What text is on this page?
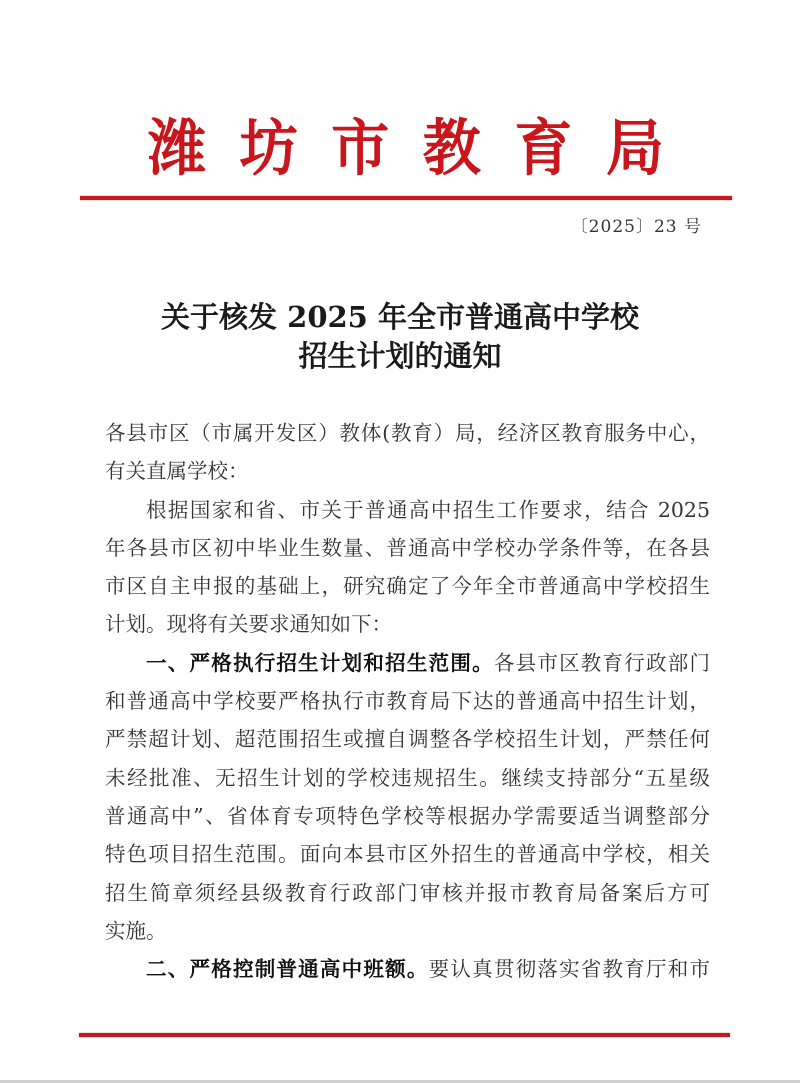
潍 坊 市 教 育 局
〔2025〕23 号
关于核发 2025 年全市普通高中学校
招生计划的通知
各县市区（市属开发区）教体(教育）局，经济区教育服务中心，
有关直属学校：
根据国家和省、市关于普通高中招生工作要求，结合 2025
年各县市区初中毕业生数量、普通高中学校办学条件等，在各县
市区自主申报的基础上，研究确定了今年全市普通高中学校招生
计划。现将有关要求通知如下：
一、严格执行招生计划和招生范围。各县市区教育行政部门
和普通高中学校要严格执行市教育局下达的普通高中招生计划，
严禁超计划、超范围招生或擅自调整各学校招生计划，严禁任何
未经批准、无招生计划的学校违规招生。继续支持部分“五星级
普通高中”、省体育专项特色学校等根据办学需要适当调整部分
特色项目招生范围。面向本县市区外招生的普通高中学校，相关
招生简章须经县级教育行政部门审核并报市教育局备案后方可
实施。
二、严格控制普通高中班额。要认真贯彻落实省教育厅和市
